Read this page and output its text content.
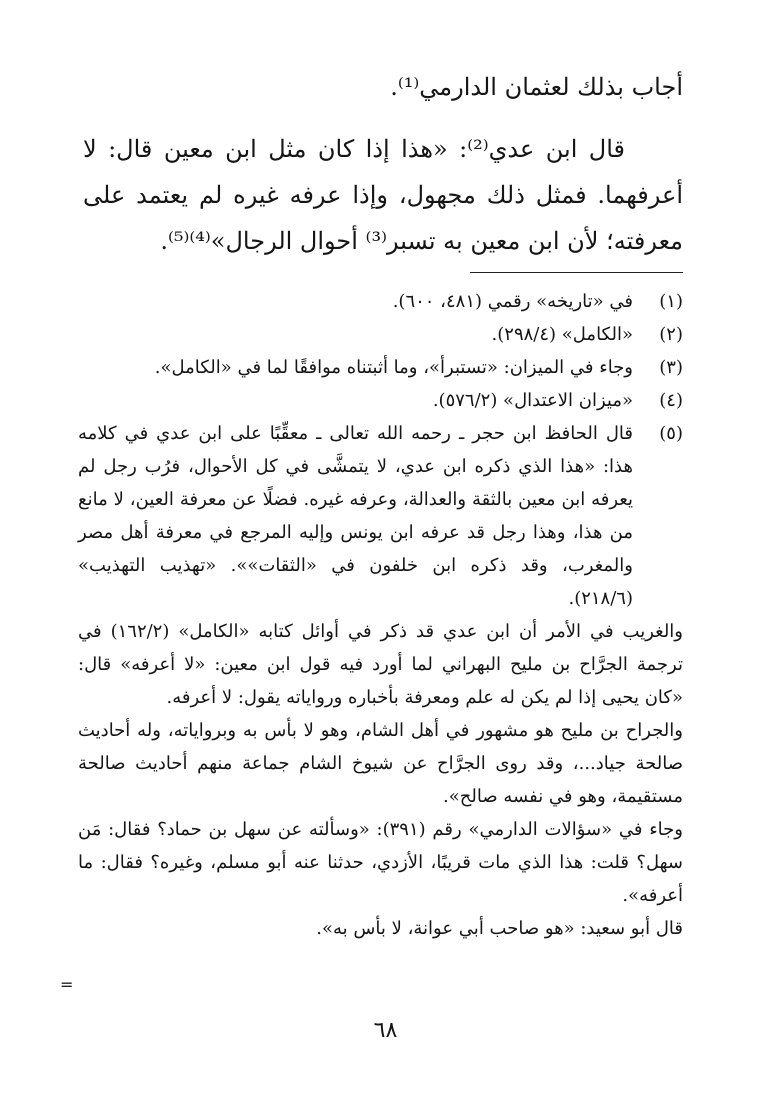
أجاب بذلك لعثمان الدارمي⁽¹⁾.

قال ابن عدي⁽²⁾: «هذا إذا كان مثل ابن معين قال: لا أعرفهما. فمثل ذلك مجهول، وإذا عرفه غيره لم يعتمد على معرفته؛ لأن ابن معين به تسبر⁽³⁾ أحوال الرجال»⁽⁴⁾⁽⁵⁾.

(١)
في «تاريخه» رقمي (٤٨١، ٦٠٠).
(٢)
«الكامل» (٢٩٨/٤).
(٣)
وجاء في الميزان: «تستبرأ»، وما أثبتناه موافقًا لما في «الكامل».
(٤)
«ميزان الاعتدال» (٥٧٦/٢).
(٥)
قال الحافظ ابن حجر ـ رحمه الله تعالى ـ معقِّبًا على ابن عدي في كلامه هذا: «هذا الذي ذكره ابن عدي، لا يتمشَّى في كل الأحوال، فرُب رجل لم يعرفه ابن معين بالثقة والعدالة، وعرفه غيره. فضلًا عن معرفة العين، لا مانع من هذا، وهذا رجل قد عرفه ابن يونس وإليه المرجع في معرفة أهل مصر والمغرب، وقد ذكره ابن خلفون في «الثقات»». «تهذيب التهذيب» (٢١٨/٦).
والغريب في الأمر أن ابن عدي قد ذكر في أوائل كتابه «الكامل» (١٦٢/٢) في ترجمة الجرَّاح بن مليح البهراني لما أورد فيه قول ابن معين: «لا أعرفه» قال: «كان يحيى إذا لم يكن له علم ومعرفة بأخباره ورواياته يقول: لا أعرفه.
والجراح بن مليح هو مشهور في أهل الشام، وهو لا بأس به وبرواياته، وله أحاديث صالحة جياد...، وقد روى الجرَّاح عن شيوخ الشام جماعة منهم أحاديث صالحة مستقيمة، وهو في نفسه صالح».
وجاء في «سؤالات الدارمي» رقم (٣٩١): «وسألته عن سهل بن حماد؟ فقال: مَن سهل؟ قلت: هذا الذي مات قريبًا، الأزدي، حدثنا عنه أبو مسلم، وغيره؟ فقال: ما أعرفه».
قال أبو سعيد: «هو صاحب أبي عوانة، لا بأس به».
=
٦٨
